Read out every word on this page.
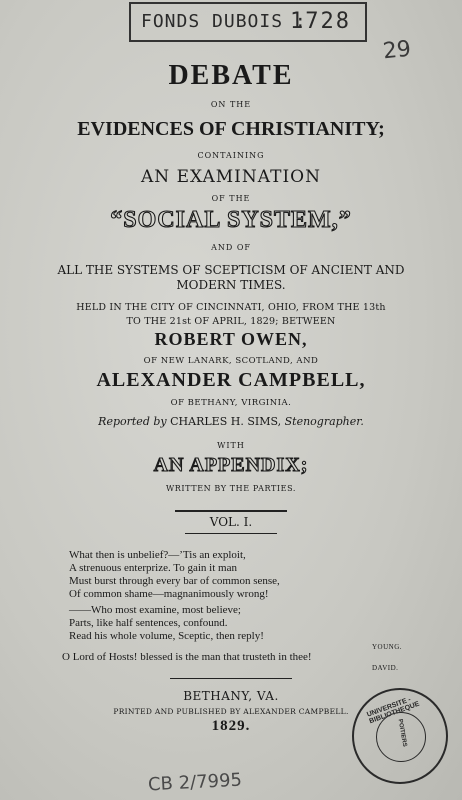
FONDS DUBOIS :
1728
29
DEBATE
ON THE
EVIDENCES OF CHRISTIANITY;
CONTAINING
AN EXAMINATION
OF THE
“SOCIAL SYSTEM,”
AND OF
ALL THE SYSTEMS OF SCEPTICISM OF ANCIENT AND
MODERN TIMES.
HELD IN THE CITY OF CINCINNATI, OHIO, FROM THE 13th
TO THE 21st OF APRIL, 1829; BETWEEN
ROBERT OWEN,
OF NEW LANARK, SCOTLAND, AND
ALEXANDER CAMPBELL,
OF BETHANY, VIRGINIA.
Reported by CHARLES H. SIMS, Stenographer.
WITH
AN APPENDIX;
WRITTEN BY THE PARTIES.
VOL. I.
What then is unbelief?—’Tis an exploit,
A strenuous enterprize. To gain it man
Must burst through every bar of common sense,
Of common shame—magnanimously wrong!
——Who most examine, most believe;
Parts, like half sentences, confound.
Read his whole volume, Sceptic, then reply!
YOUNG.
O Lord of Hosts! blessed is the man that trusteth in thee!
DAVID.
BETHANY, VA.
PRINTED AND PUBLISHED BY ALEXANDER CAMPBELL.
1829.
UNIVERSITE - BIBLIOTHEQUE
POITIERS
CB 2/7995
